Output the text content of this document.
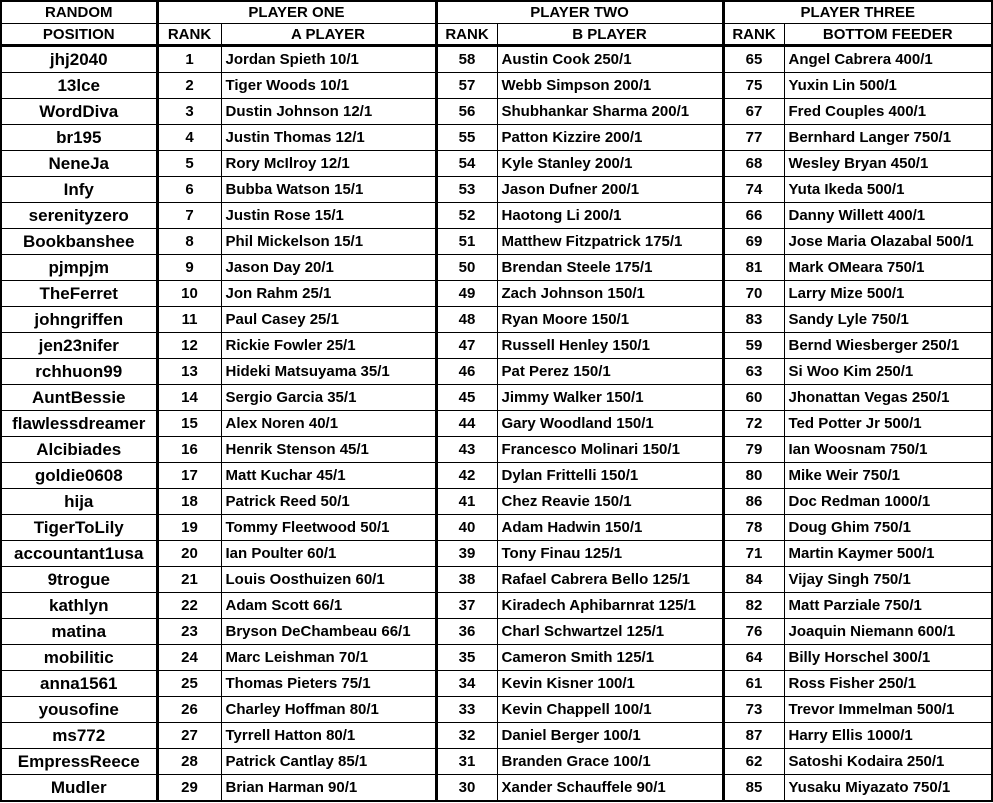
RANDOM	PLAYER ONE		PLAYER TWO		PLAYER THREE	
POSITION	RANK	A PLAYER	RANK	B PLAYER	RANK	BOTTOM FEEDER
jhj2040	1	Jordan Spieth 10/1	58	Austin Cook 250/1	65	Angel Cabrera 400/1
13lce	2	Tiger Woods 10/1	57	Webb Simpson 200/1	75	Yuxin Lin 500/1
WordDiva	3	Dustin Johnson 12/1	56	Shubhankar Sharma 200/1	67	Fred Couples 400/1
br195	4	Justin Thomas 12/1	55	Patton Kizzire 200/1	77	Bernhard Langer 750/1
NeneJa	5	Rory McIlroy 12/1	54	Kyle Stanley 200/1	68	Wesley Bryan 450/1
Infy	6	Bubba Watson 15/1	53	Jason Dufner 200/1	74	Yuta Ikeda 500/1
serenityzero	7	Justin Rose 15/1	52	Haotong Li 200/1	66	Danny Willett 400/1
Bookbanshee	8	Phil Mickelson 15/1	51	Matthew Fitzpatrick 175/1	69	Jose Maria Olazabal 500/1
pjmpjm	9	Jason Day 20/1	50	Brendan Steele 175/1	81	Mark OMeara 750/1
TheFerret	10	Jon Rahm 25/1	49	Zach Johnson 150/1	70	Larry Mize 500/1
johngriffen	11	Paul Casey 25/1	48	Ryan Moore 150/1	83	Sandy Lyle 750/1
jen23nifer	12	Rickie Fowler 25/1	47	Russell Henley 150/1	59	Bernd Wiesberger 250/1
rchhuon99	13	Hideki Matsuyama 35/1	46	Pat Perez 150/1	63	Si Woo Kim 250/1
AuntBessie	14	Sergio Garcia 35/1	45	Jimmy Walker 150/1	60	Jhonattan Vegas 250/1
flawlessdreamer	15	Alex Noren 40/1	44	Gary Woodland 150/1	72	Ted Potter Jr 500/1
Alcibiades	16	Henrik Stenson 45/1	43	Francesco Molinari 150/1	79	Ian Woosnam 750/1
goldie0608	17	Matt Kuchar 45/1	42	Dylan Frittelli 150/1	80	Mike Weir 750/1
hija	18	Patrick Reed 50/1	41	Chez Reavie 150/1	86	Doc Redman 1000/1
TigerToLily	19	Tommy Fleetwood 50/1	40	Adam Hadwin 150/1	78	Doug Ghim 750/1
accountant1usa	20	Ian Poulter 60/1	39	Tony Finau 125/1	71	Martin Kaymer 500/1
9trogue	21	Louis Oosthuizen 60/1	38	Rafael Cabrera Bello 125/1	84	Vijay Singh 750/1
kathlyn	22	Adam Scott 66/1	37	Kiradech Aphibarnrat 125/1	82	Matt Parziale 750/1
matina	23	Bryson DeChambeau 66/1	36	Charl Schwartzel 125/1	76	Joaquin Niemann 600/1
mobilitic	24	Marc Leishman 70/1	35	Cameron Smith 125/1	64	Billy Horschel 300/1
anna1561	25	Thomas Pieters 75/1	34	Kevin Kisner 100/1	61	Ross Fisher 250/1
yousofine	26	Charley Hoffman 80/1	33	Kevin Chappell 100/1	73	Trevor Immelman 500/1
ms772	27	Tyrrell Hatton 80/1	32	Daniel Berger 100/1	87	Harry Ellis 1000/1
EmpressReece	28	Patrick Cantlay 85/1	31	Branden Grace 100/1	62	Satoshi Kodaira 250/1
Mudler	29	Brian Harman 90/1	30	Xander Schauffele 90/1	85	Yusaku Miyazato 750/1
